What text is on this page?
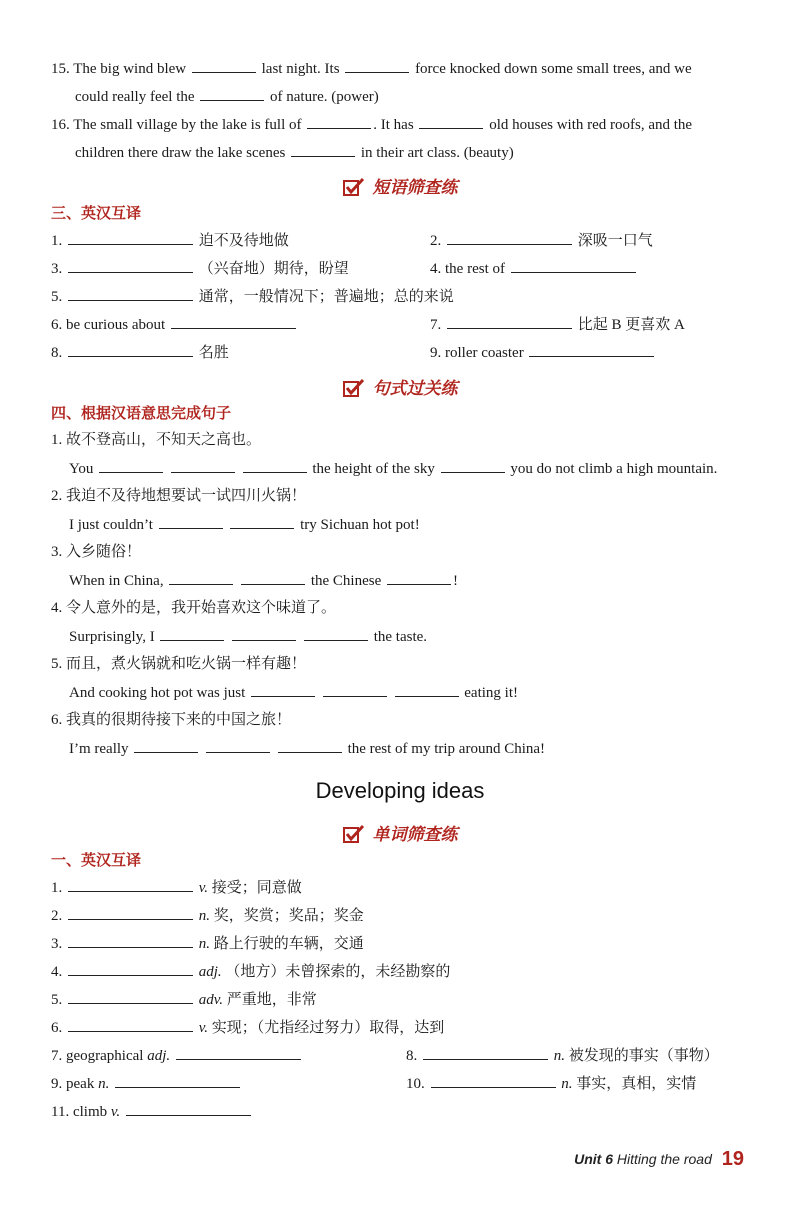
15. The big wind blew	last night. Its	force knocked down some small trees, and we
could really feel the	of nature. (power)
16. The small village by the lake is full of	. It has	old houses with red roofs, and the
children there draw the lake scenes	in their art class. (beauty)
短语筛查练
三、英汉互译
1.	迫不及待地做	2.	深吸一口气
3.	（兴奋地）期待，盼望	4. the rest of
5.	通常，一般情况下；普遍地；总的来说
6. be curious about	7.	比起 B 更喜欢 A
8.	名胜	9. roller coaster
句式过关练
四、根据汉语意思完成句子
1. 故不登高山，不知天之高也。
You	the height of the sky	you do not climb a high mountain.
2. 我迫不及待地想要试一试四川火锅！
I just couldn’t	try Sichuan hot pot!
3. 入乡随俗！
When in China,	the Chinese	!
4. 令人意外的是，我开始喜欢这个味道了。
Surprisingly, I	the taste.
5. 而且，煮火锅就和吃火锅一样有趣！
And cooking hot pot was just	eating it!
6. 我真的很期待接下来的中国之旅！
I’m really	the rest of my trip around China!
Developing ideas
单词筛查练
一、英汉互译
1.	v. 接受；同意做
2.	n. 奖，奖赏；奖品；奖金
3.	n. 路上行驶的车辆，交通
4.	adj. （地方）未曾探索的，未经勘察的
5.	adv. 严重地，非常
6.	v. 实现；（尤指经过努力）取得，达到
7. geographical adj.	8.	n. 被发现的事实（事物）
9. peak n.	10.	n. 事实，真相，实情
11. climb v.
Unit 6 Hitting the road 19
